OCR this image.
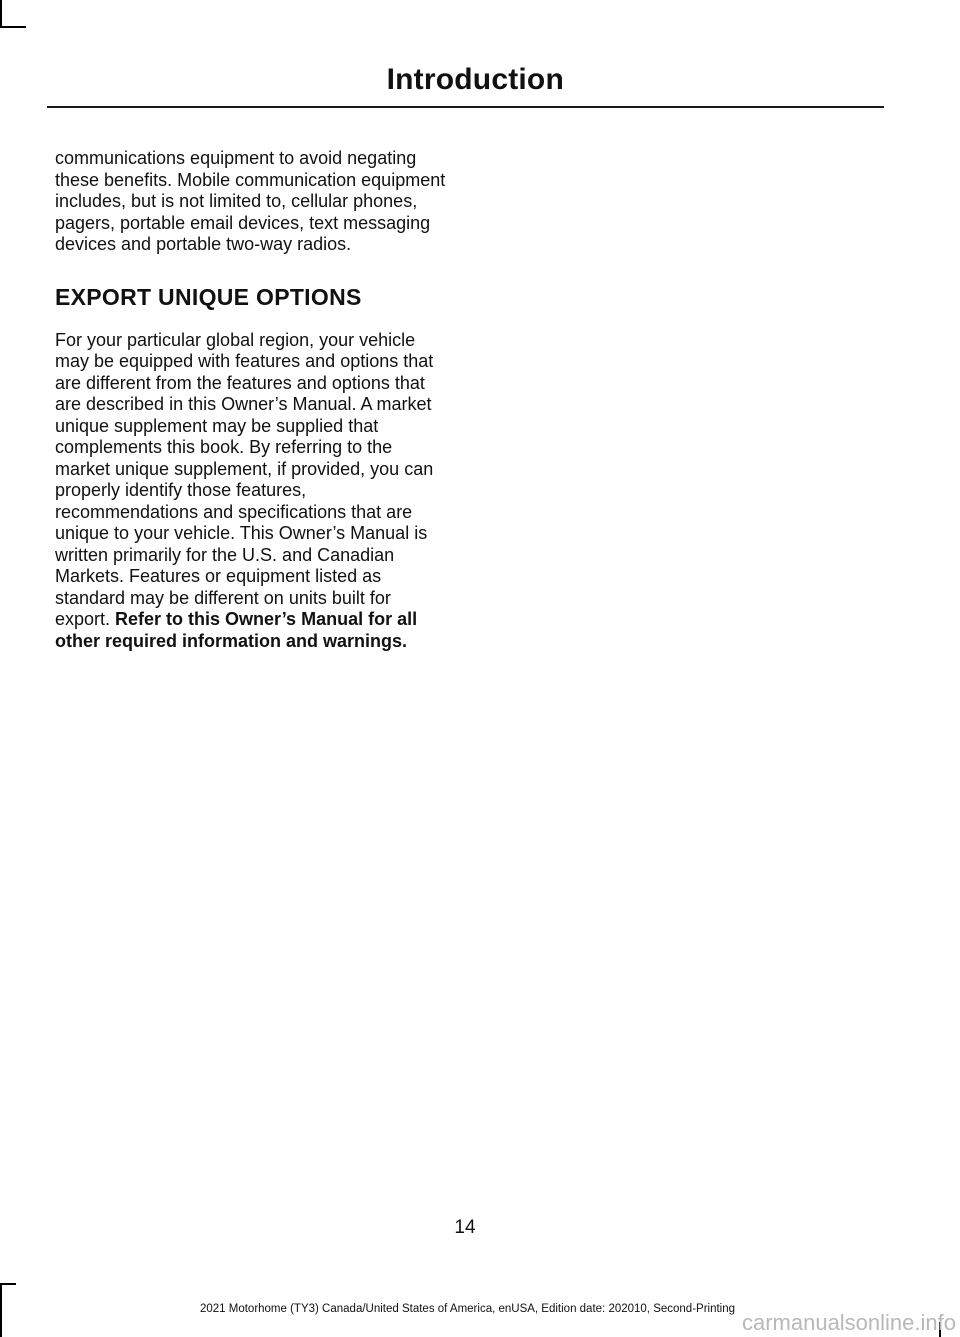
Introduction

communications equipment to avoid negating these benefits. Mobile communication equipment includes, but is not limited to, cellular phones, pagers, portable email devices, text messaging devices and portable two-way radios.

EXPORT UNIQUE OPTIONS

For your particular global region, your vehicle may be equipped with features and options that are different from the features and options that are described in this Owner’s Manual. A market unique supplement may be supplied that complements this book. By referring to the market unique supplement, if provided, you can properly identify those features, recommendations and specifications that are unique to your vehicle. This Owner’s Manual is written primarily for the U.S. and Canadian Markets. Features or equipment listed as standard may be different on units built for export. Refer to this Owner’s Manual for all other required information and warnings.

14
2021 Motorhome (TY3) Canada/United States of America, enUSA, Edition date: 202010, Second-Printing
carmanualsonline.info
